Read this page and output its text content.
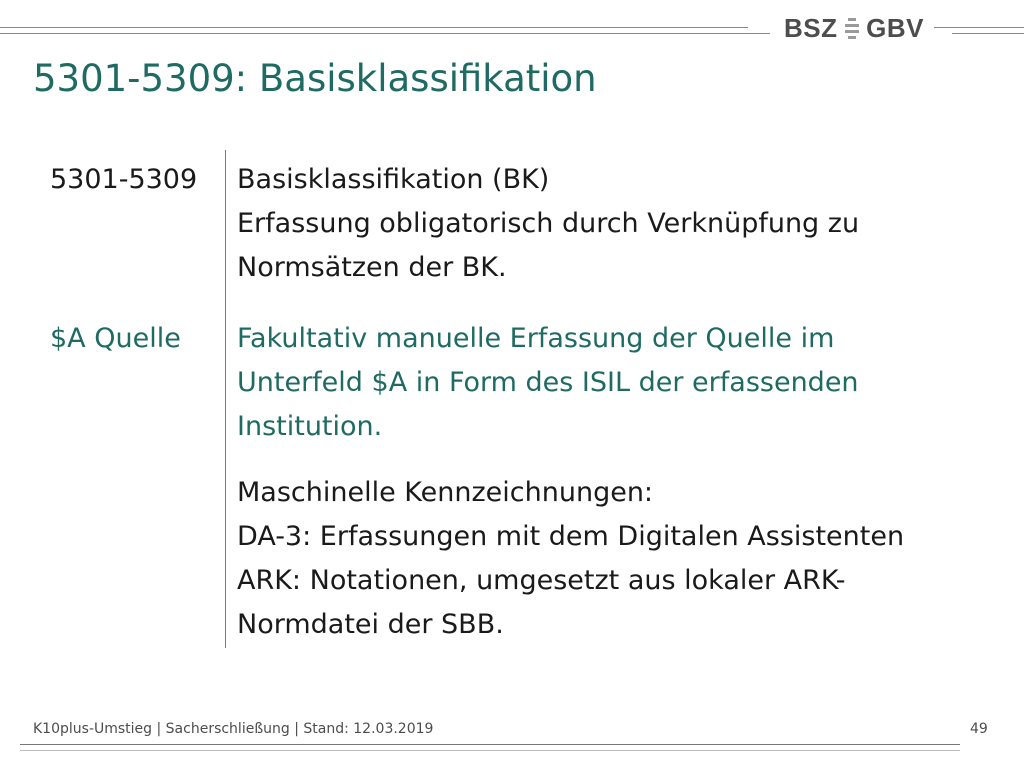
BSZ GBV
5301-5309: Basisklassifikation
5301-5309 Basisklassifikation (BK)
Erfassung obligatorisch durch Verknüpfung zu
Normsätzen der BK.
$A Quelle Fakultativ manuelle Erfassung der Quelle im
Unterfeld $A in Form des ISIL der erfassenden
Institution.
Maschinelle Kennzeichnungen:
DA-3: Erfassungen mit dem Digitalen Assistenten
ARK: Notationen, umgesetzt aus lokaler ARK-
Normdatei der SBB.
K10plus-Umstieg | Sacherschließung | Stand: 12.03.2019	49
